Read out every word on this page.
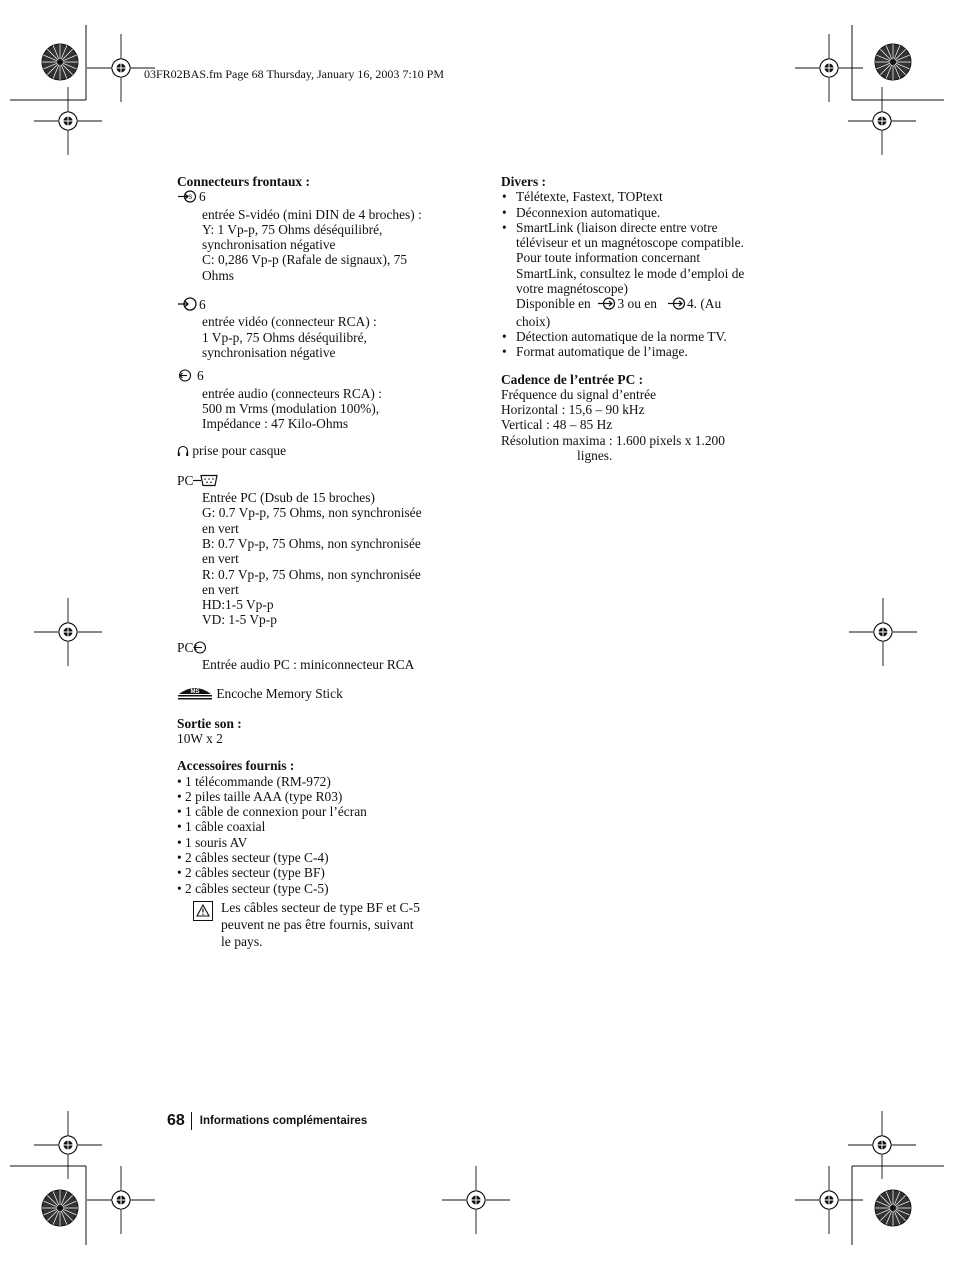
03FR02BAS.fm Page 68 Thursday, January 16, 2003 7:10 PM
Connecteurs frontaux :
S 6
entrée S-vidéo (mini DIN de 4 broches) :
Y: 1 Vp-p, 75 Ohms déséquilibré,
synchronisation négative
C: 0,286 Vp-p (Rafale de signaux), 75
Ohms
6
entrée vidéo (connecteur RCA) :
1 Vp-p, 75 Ohms déséquilibré,
synchronisation négative
6
entrée audio (connecteurs RCA) :
500 m Vrms (modulation 100%),
Impédance : 47 Kilo-Ohms
prise pour casque
PC
Entrée PC (Dsub de 15 broches)
G: 0.7 Vp-p, 75 Ohms, non synchronisée
en vert
B: 0.7 Vp-p, 75 Ohms, non synchronisée
en vert
R: 0.7 Vp-p, 75 Ohms, non synchronisée
en vert
HD:1-5 Vp-p
VD: 1-5 Vp-p
PC
Entrée audio PC : miniconnecteur RCA
MS Encoche Memory Stick
Sortie son :
10W x 2
Accessoires fournis :
• 1 télécommande (RM-972)
• 2 piles taille AAA (type R03)
• 1 câble de connexion pour l’écran
• 1 câble coaxial
• 1 souris AV
• 2 câbles secteur (type C-4)
• 2 câbles secteur (type BF)
• 2 câbles secteur (type C-5)
Les câbles secteur de type BF et C-5
peuvent ne pas être fournis, suivant
le pays.
Divers :
• Télétexte, Fastext, TOPtext
• Déconnexion automatique.
• SmartLink (liaison directe entre votre
téléviseur et un magnétoscope compatible.
Pour toute information concernant
SmartLink, consultez le mode d’emploi de
votre magnétoscope)
Disponible en 3 ou en 4. (Au
choix)
• Détection automatique de la norme TV.
• Format automatique de l’image.
Cadence de l’entrée PC :
Fréquence du signal d’entrée
Horizontal : 15,6 – 90 kHz
Vertical : 48 – 85 Hz
Résolution maxima : 1.600 pixels x 1.200
lignes.
68 Informations complémentaires
